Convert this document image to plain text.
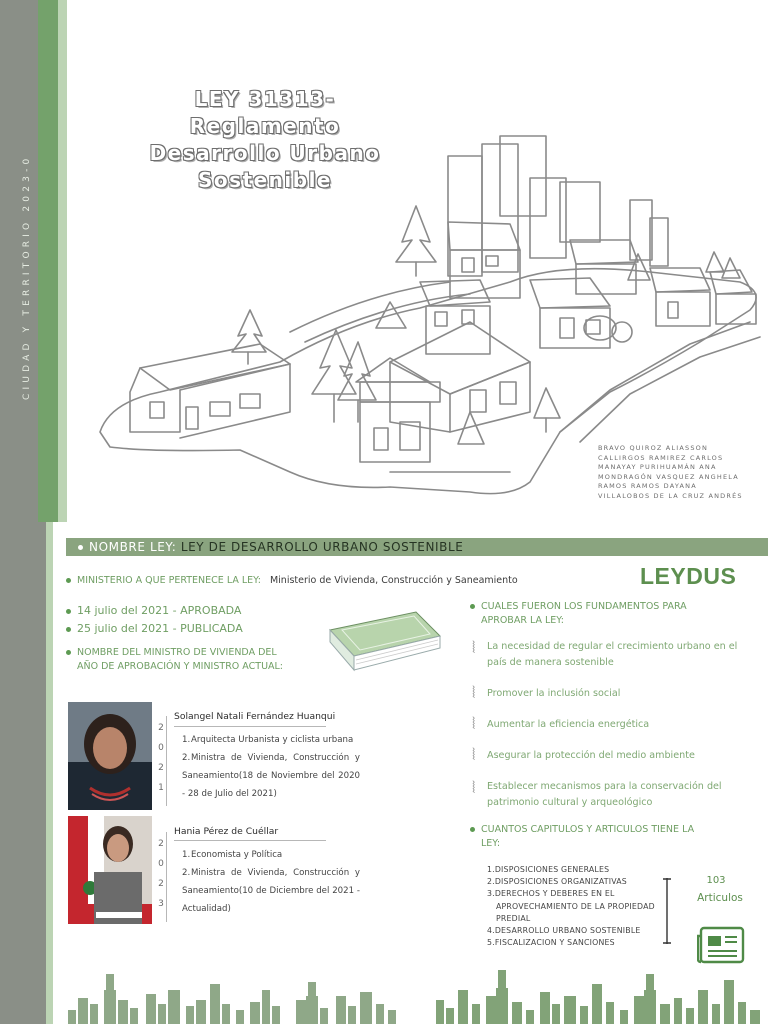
CIUDAD Y TERRITORIO 2023-0
LEY 31313-
Reglamento
Desarrollo Urbano
Sostenible
BRAVO QUIROZ ALIASSON
CALLIRGOS RAMIREZ CARLOS
MANAYAY PURIHUAMÁN ANA
MONDRAGÓN VASQUEZ ANGHELA
RAMOS RAMOS DAYANA
VILLALOBOS DE LA CRUZ ANDRÉS
NOMBRE LEY: LEY DE DESARROLLO URBANO SOSTENIBLE
MINISTERIO A QUE PERTENECE LA LEY: Ministerio de Vivienda, Construcción y Saneamiento	LEYDUS
14 julio del 2021 - APROBADA
25 julio del 2021 - PUBLICADA
NOMBRE DEL MINISTRO DE VIVIENDA DEL
AÑO DE APROBACIÓN Y MINISTRO ACTUAL:
2
0
2
1
Solangel Natali Fernández Huanqui
1.Arquitecta Urbanista y ciclista urbana
2.Ministra de Vivienda, Construcción y Saneamiento(18 de Noviembre del 2020 - 28 de Julio del 2021)
2
0
2
3
Hania Pérez de Cuéllar
1.Economista y Política
2.Ministra de Vivienda, Construcción y Saneamiento(10 de Diciembre del 2021 - Actualidad)
CUALES FUERON LOS FUNDAMENTOS PARA
APROBAR LA LEY:
⦚ La necesidad de regular el crecimiento urbano en el país de manera sostenible
⦚ Promover la inclusión social
⦚ Aumentar la eficiencia energética
⦚ Asegurar la protección del medio ambiente
⦚ Establecer mecanismos para la conservación del patrimonio cultural y arqueológico
CUANTOS CAPITULOS Y ARTICULOS TIENE LA
LEY:
1.DISPOSICIONES GENERALES
2.DISPOSICIONES ORGANIZATIVAS
3.DERECHOS Y DEBERES EN EL
APROVECHAMIENTO DE LA PROPIEDAD
PREDIAL
4.DESARROLLO URBANO SOSTENIBLE
5.FISCALIZACION Y SANCIONES
103
Articulos
